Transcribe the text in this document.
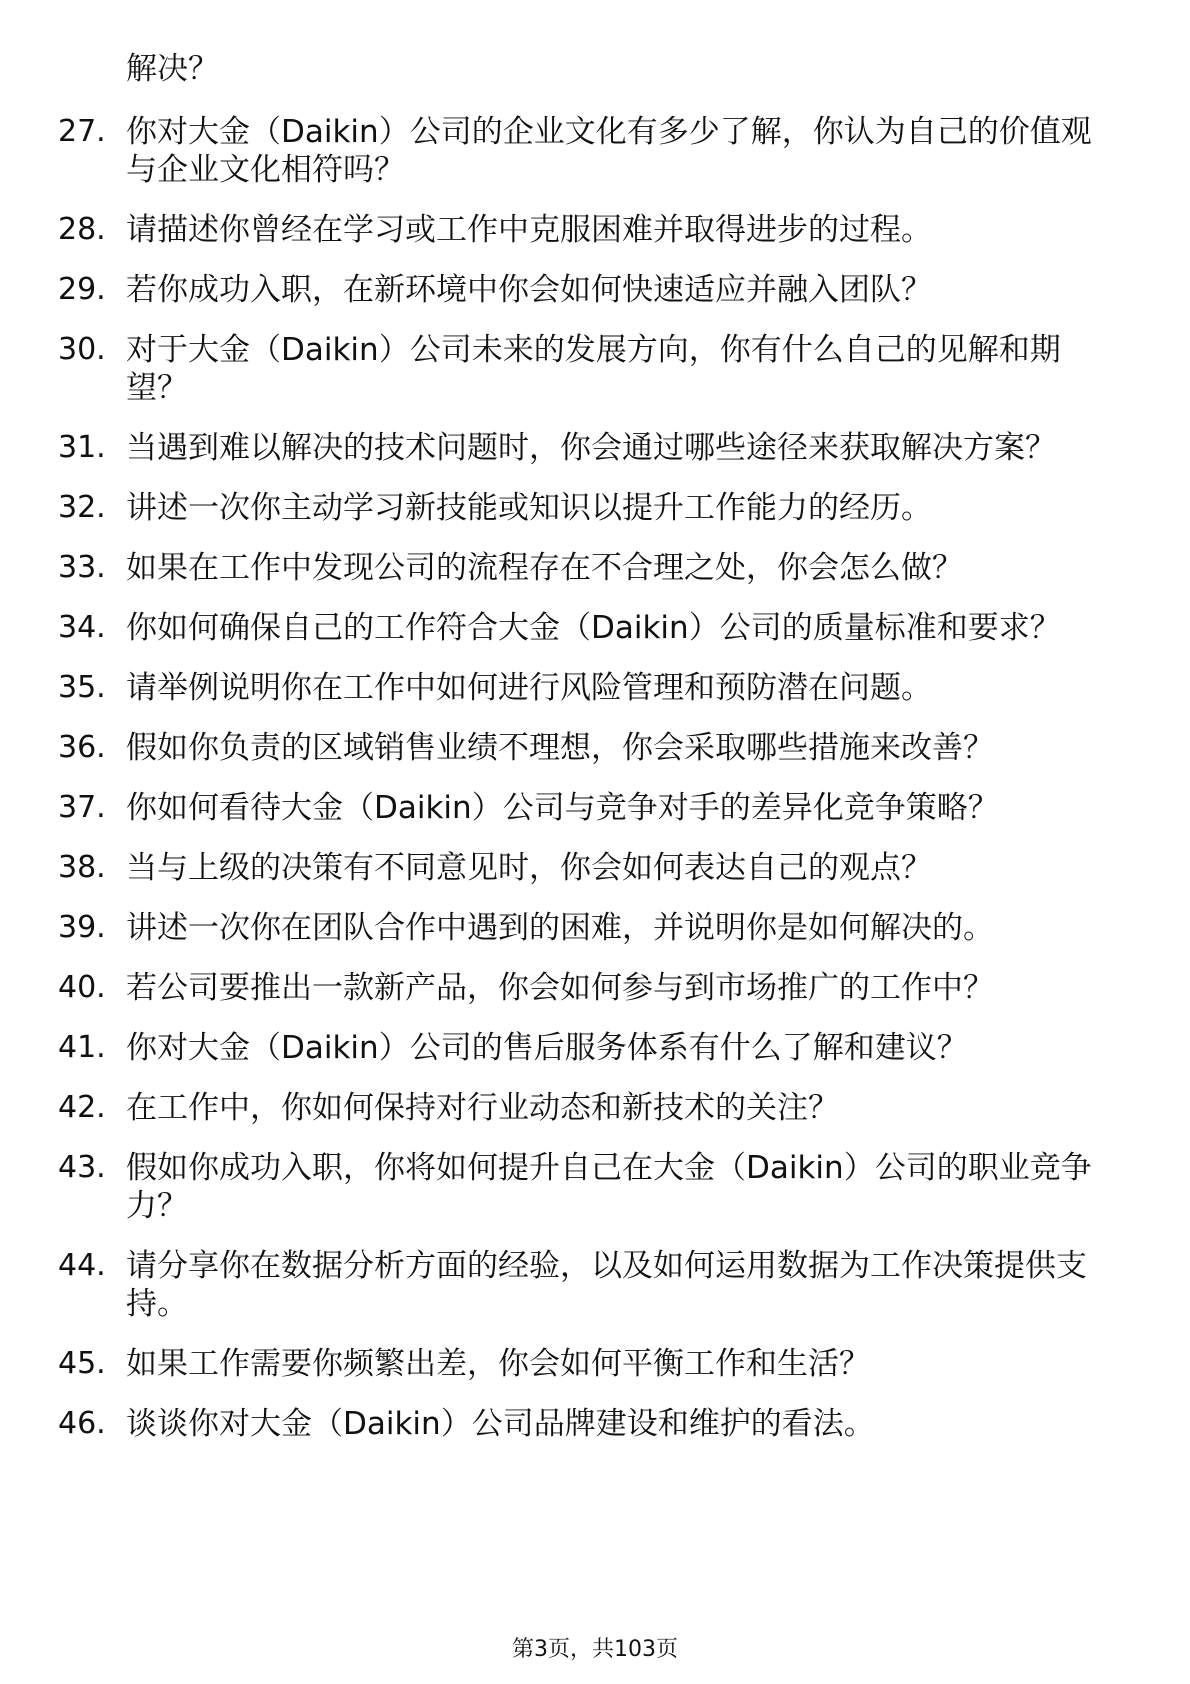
解决？
27. 你对大金（Daikin）公司的企业文化有多少了解，你认为自己的价值观与企业文化相符吗？
28. 请描述你曾经在学习或工作中克服困难并取得进步的过程。
29. 若你成功入职，在新环境中你会如何快速适应并融入团队？
30. 对于大金（Daikin）公司未来的发展方向，你有什么自己的见解和期望？
31. 当遇到难以解决的技术问题时，你会通过哪些途径来获取解决方案？
32. 讲述一次你主动学习新技能或知识以提升工作能力的经历。
33. 如果在工作中发现公司的流程存在不合理之处，你会怎么做？
34. 你如何确保自己的工作符合大金（Daikin）公司的质量标准和要求？
35. 请举例说明你在工作中如何进行风险管理和预防潜在问题。
36. 假如你负责的区域销售业绩不理想，你会采取哪些措施来改善？
37. 你如何看待大金（Daikin）公司与竞争对手的差异化竞争策略？
38. 当与上级的决策有不同意见时，你会如何表达自己的观点？
39. 讲述一次你在团队合作中遇到的困难，并说明你是如何解决的。
40. 若公司要推出一款新产品，你会如何参与到市场推广的工作中？
41. 你对大金（Daikin）公司的售后服务体系有什么了解和建议？
42. 在工作中，你如何保持对行业动态和新技术的关注？
43. 假如你成功入职，你将如何提升自己在大金（Daikin）公司的职业竞争力？
44. 请分享你在数据分析方面的经验，以及如何运用数据为工作决策提供支持。
45. 如果工作需要你频繁出差，你会如何平衡工作和生活？
46. 谈谈你对大金（Daikin）公司品牌建设和维护的看法。
第3页，共103页
